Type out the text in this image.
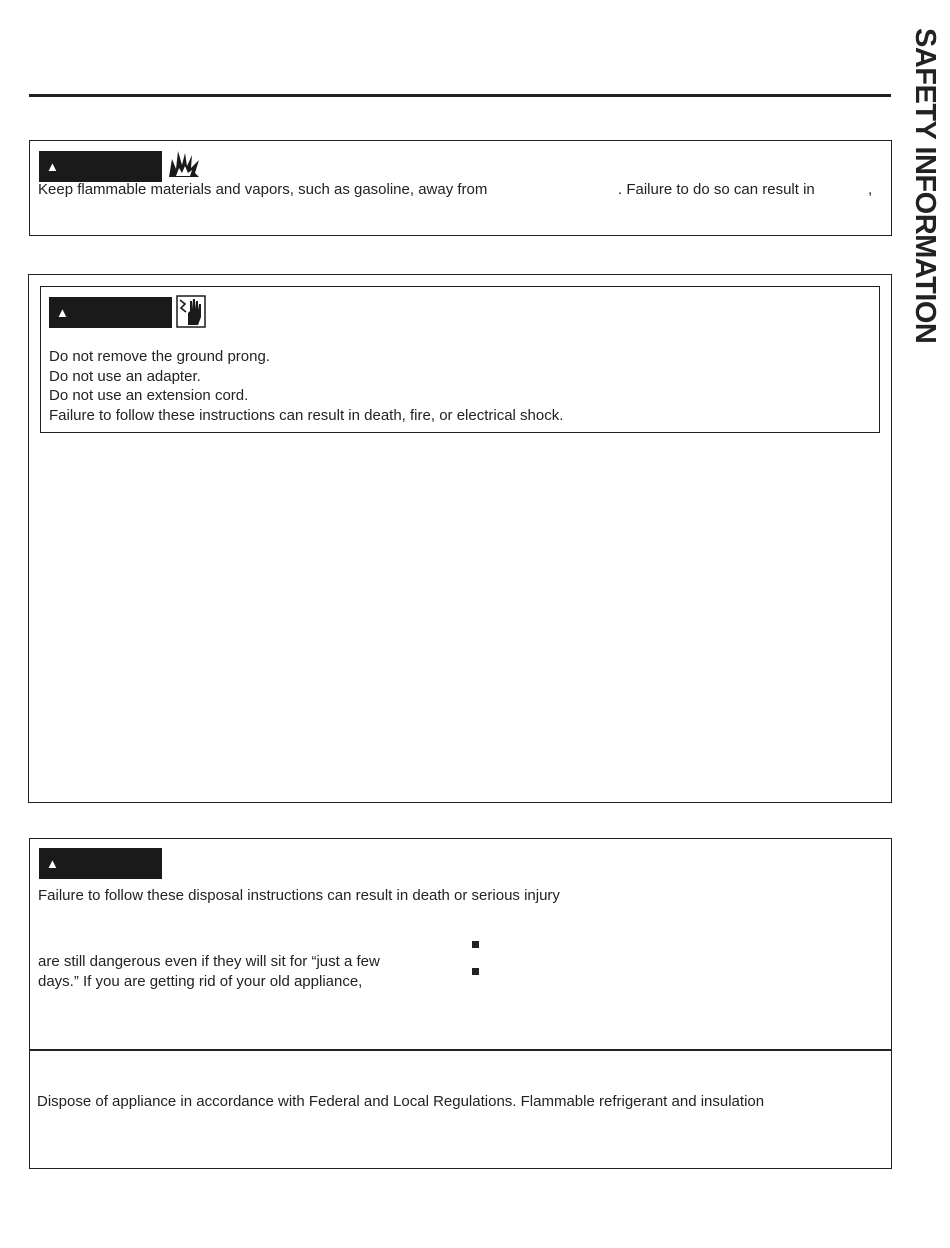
SAFETY INFORMATION
▲
Keep flammable materials and vapors, such as gasoline, away from	. Failure to do so can result in	,
▲
Do not remove the ground prong.
Do not use an adapter.
Do not use an extension cord.
Failure to follow these instructions can result in death, fire, or electrical shock.
▲
Failure to follow these disposal instructions can result in death or serious injury
are still dangerous even if they will sit for “just a few
days.” If you are getting rid of your old appliance,
Dispose of appliance in accordance with Federal and Local Regulations. Flammable refrigerant and insulation
